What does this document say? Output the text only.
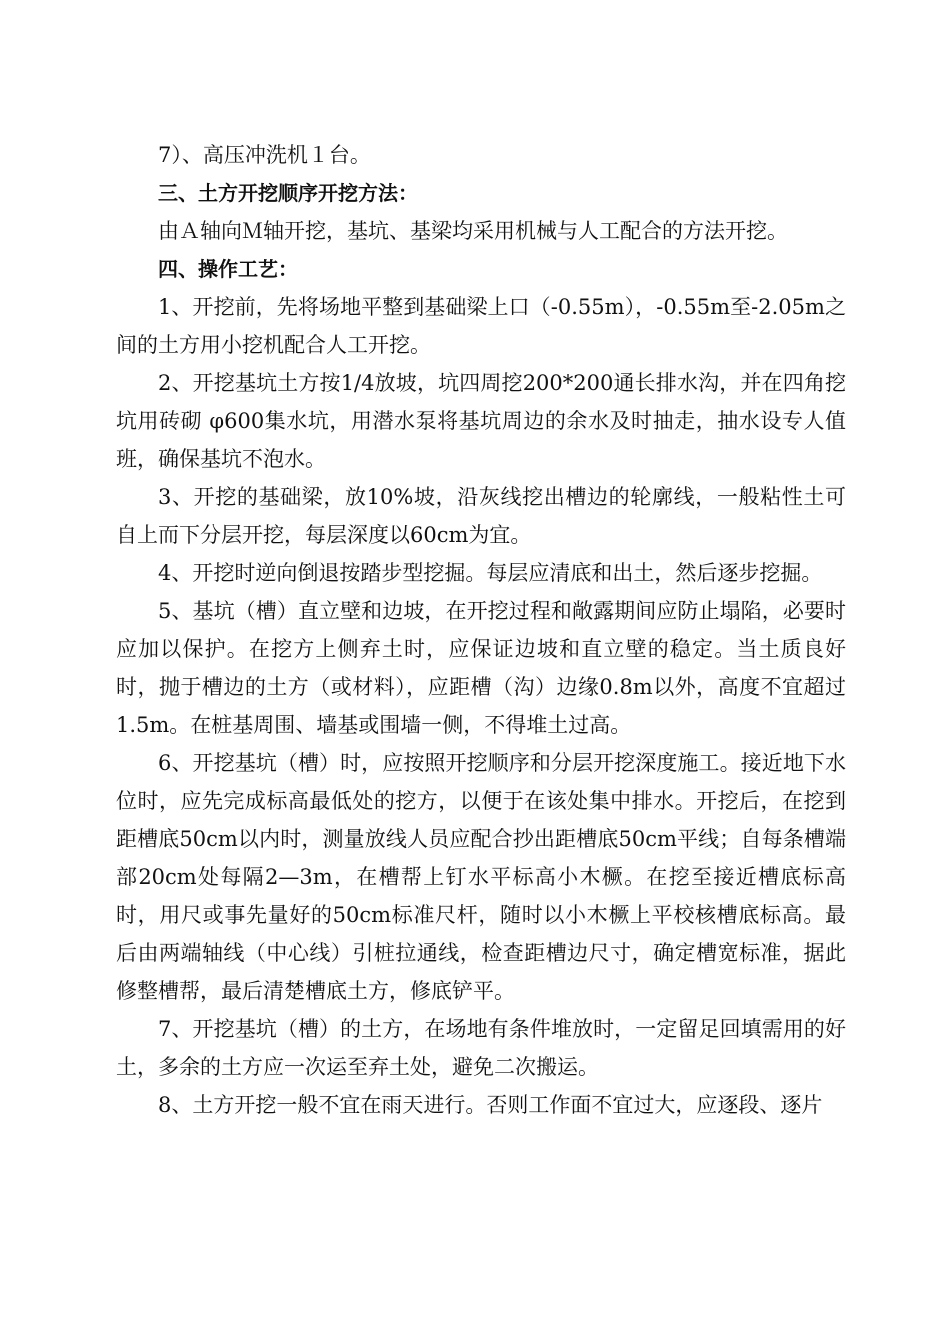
7）、高压冲洗机１台。

三、土方开挖顺序开挖方法：

由Ａ轴向Ｍ轴开挖，基坑、基梁均采用机械与人工配合的方法开挖。

四、操作工艺：

1、开挖前，先将场地平整到基础梁上口（-0.55m），-0.55m至-2.05m之间的土方用小挖机配合人工开挖。

2、开挖基坑土方按1/4放坡，坑四周挖200*200通长排水沟，并在四角挖坑用砖砌 φ600集水坑，用潜水泵将基坑周边的余水及时抽走，抽水设专人值班，确保基坑不泡水。

3、开挖的基础梁，放10%坡，沿灰线挖出槽边的轮廓线，一般粘性土可自上而下分层开挖，每层深度以60cm为宜。

4、开挖时逆向倒退按踏步型挖掘。每层应清底和出土，然后逐步挖掘。

5、基坑（槽）直立壁和边坡，在开挖过程和敞露期间应防止塌陷，必要时应加以保护。在挖方上侧弃土时，应保证边坡和直立壁的稳定。当土质良好时，抛于槽边的土方（或材料），应距槽（沟）边缘0.8m以外，高度不宜超过1.5m。在桩基周围、墙基或围墙一侧，不得堆土过高。

6、开挖基坑（槽）时，应按照开挖顺序和分层开挖深度施工。接近地下水位时，应先完成标高最低处的挖方，以便于在该处集中排水。开挖后，在挖到距槽底50cm以内时，测量放线人员应配合抄出距槽底50cm平线；自每条槽端部20cm处每隔2—3m，在槽帮上钉水平标高小木橛。在挖至接近槽底标高时，用尺或事先量好的50cm标准尺杆，随时以小木橛上平校核槽底标高。最后由两端轴线（中心线）引桩拉通线，检查距槽边尺寸，确定槽宽标准，据此修整槽帮，最后清楚槽底土方，修底铲平。

7、开挖基坑（槽）的土方，在场地有条件堆放时，一定留足回填需用的好土，多余的土方应一次运至弃土处，避免二次搬运。

8、土方开挖一般不宜在雨天进行。否则工作面不宜过大，应逐段、逐片
